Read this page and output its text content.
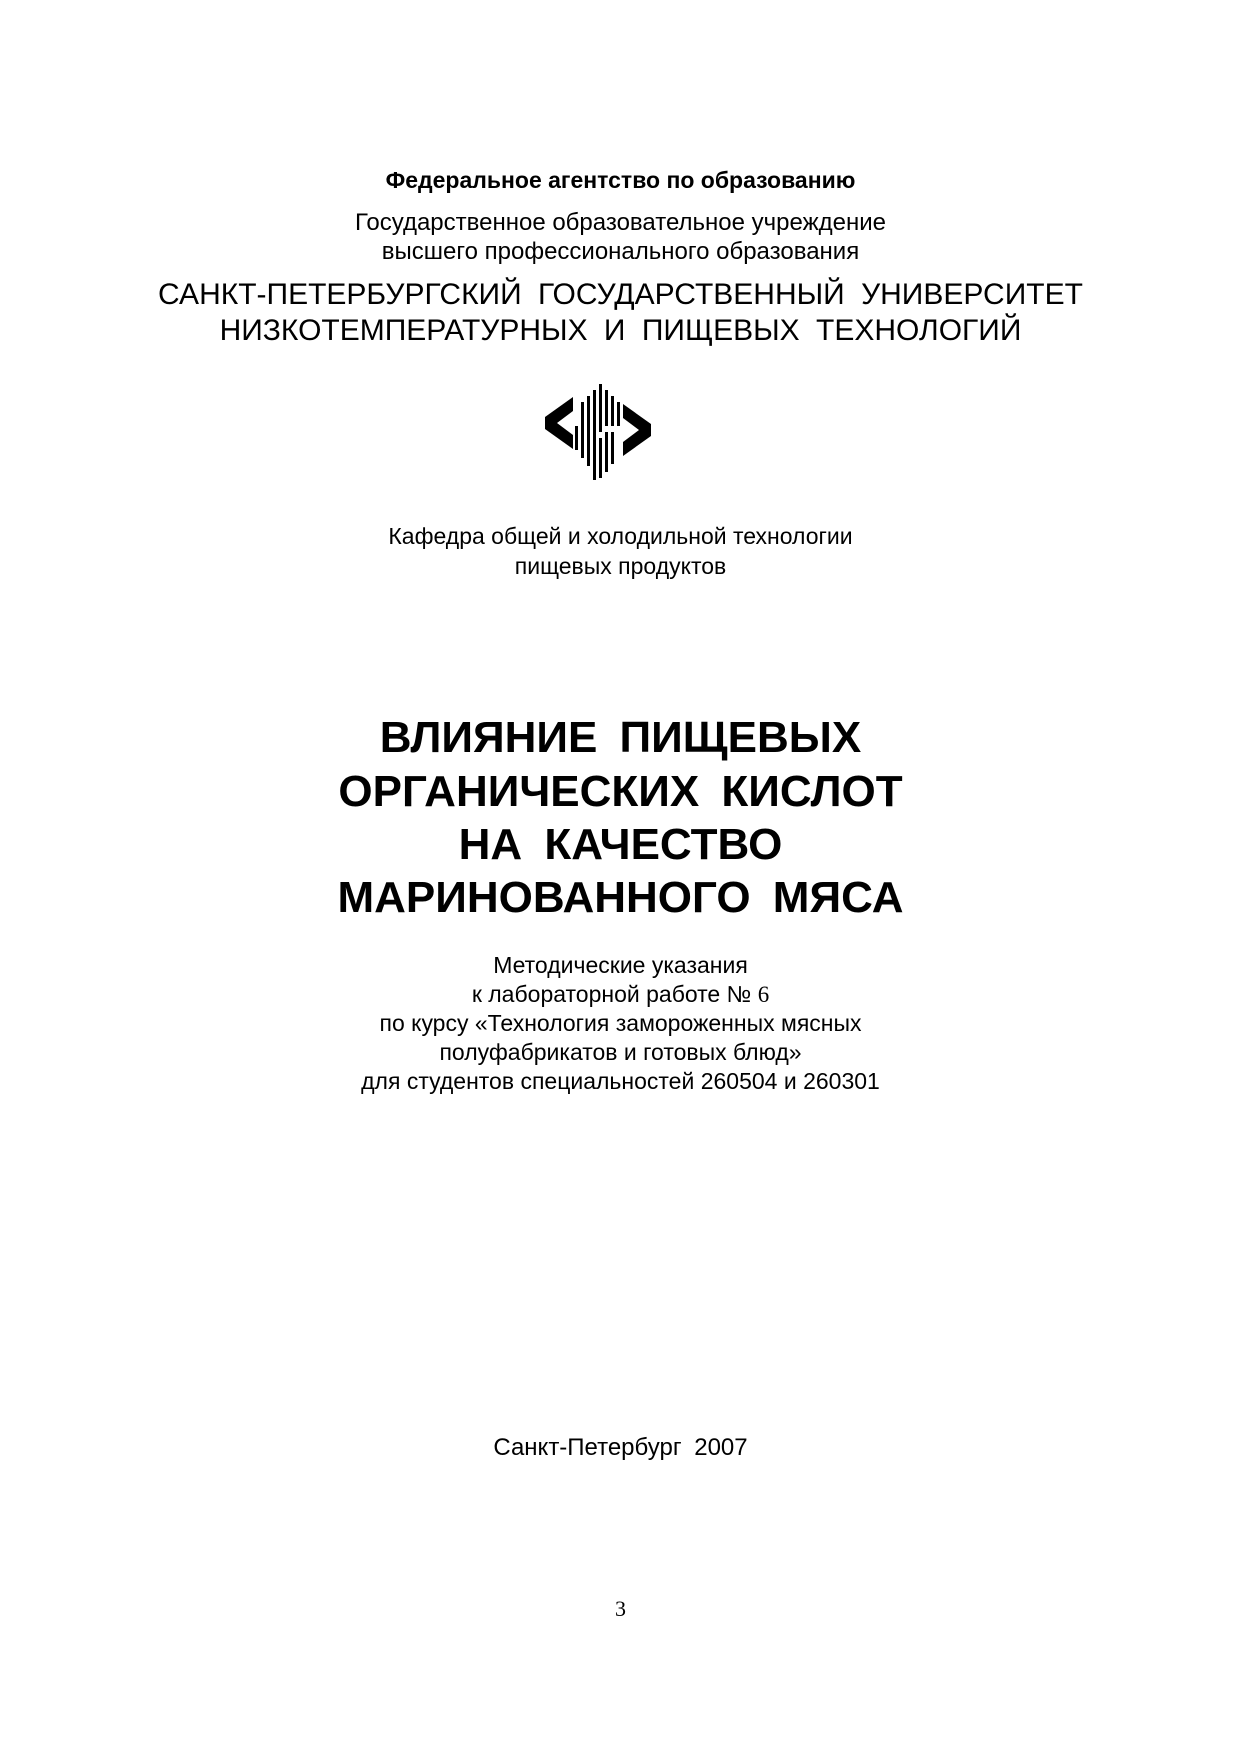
Федеральное агентство по образованию
Государственное образовательное учреждение
высшего профессионального образования
САНКТ-ПЕТЕРБУРГСКИЙ ГОСУДАРСТВЕННЫЙ УНИВЕРСИТЕТ
НИЗКОТЕМПЕРАТУРНЫХ И ПИЩЕВЫХ ТЕХНОЛОГИЙ
Кафедра общей и холодильной технологии
пищевых продуктов
ВЛИЯНИЕ ПИЩЕВЫХ
ОРГАНИЧЕСКИХ КИСЛОТ
НА КАЧЕСТВО
МАРИНОВАННОГО МЯСА
Методические указания
к лабораторной работе № 6
по курсу «Технология замороженных мясных
полуфабрикатов и готовых блюд»
для студентов специальностей 260504 и 260301
Санкт-Петербург 2007
3
